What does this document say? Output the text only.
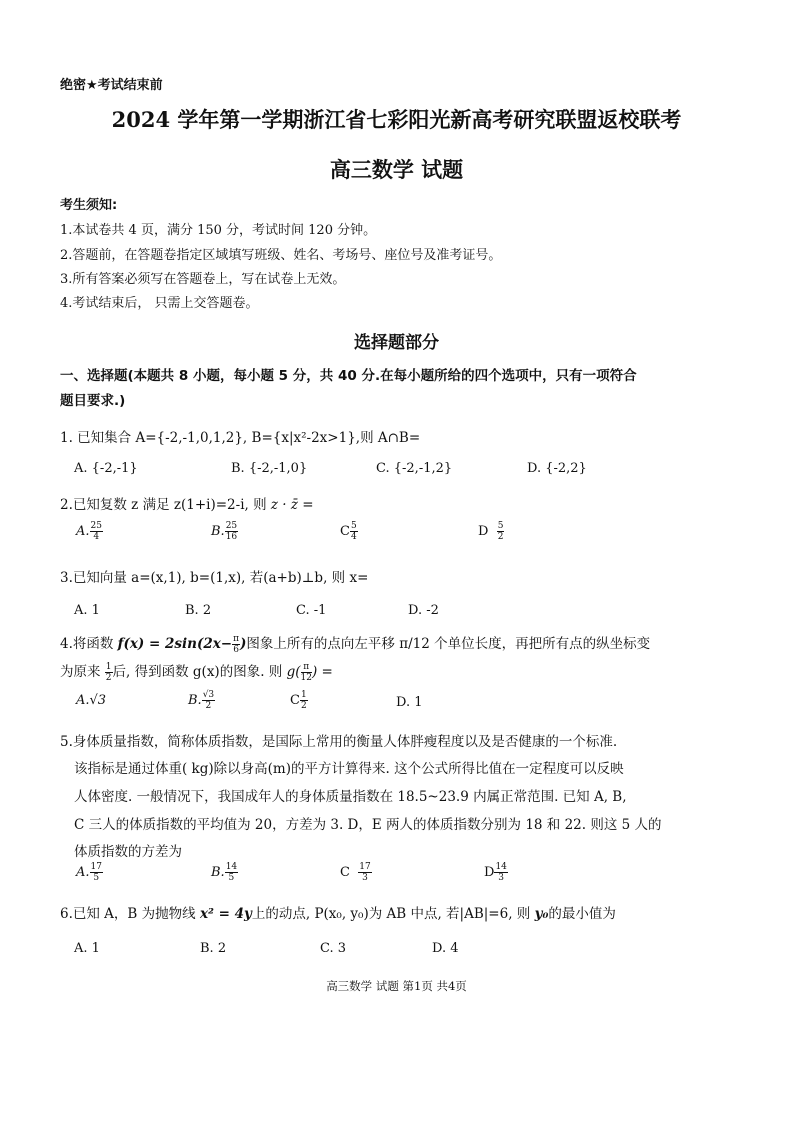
绝密★考试结束前
2024 学年第一学期浙江省七彩阳光新高考研究联盟返校联考
高三数学 试题
考生须知:
1.本试卷共 4 页，满分 150 分，考试时间 120 分钟。
2.答题前，在答题卷指定区域填写班级、姓名、考场号、座位号及准考证号。
3.所有答案必须写在答题卷上，写在试卷上无效。
4.考试结束后， 只需上交答题卷。
选择题部分
一、选择题(本题共 8 小题，每小题 5 分，共 40 分.在每小题所给的四个选项中，只有一项符合
题目要求.)
1. 已知集合 A={-2,-1,0,1,2}, B={x|x²-2x>1},则 A∩B=
A. {-2,-1}	B. {-2,-1,0}	C. {-2,-1,2}	D. {-2,2}
2.已知复数 z 满足 z(1+i)=2-i, 则 z · z̄ =
A. $\frac{25}{4}$	B. $\frac{25}{16}$	C $\frac{5}{4}$	D $\frac{5}{2}$
3.已知向量 a=(x,1), b=(1,x), 若(a+b)⊥b, 则 x=
A. 1	B. 2	C. -1	D. -2
4.将函数 $f(x) = 2\sin(2x- \frac{\pi}{6}$ )图象上所有的点向左平移 π/12 个单位长度，再把所有点的纵坐标变
为原来 $\frac{1}{2}$ 后, 得到函数 g(x)的图象. 则 $g( \frac{\pi}{12}$ ) =
A.√3	B. $\frac{√3}{2}$	C $\frac{1}{2}$	D. 1
5.身体质量指数，简称体质指数，是国际上常用的衡量人体胖瘦程度以及是否健康的一个标准.
该指标是通过体重( kg)除以身高(m)的平方计算得来. 这个公式所得比值在一定程度可以反映
人体密度. 一般情况下，我国成年人的身体质量指数在 18.5~23.9 内属正常范围. 已知 A, B,
C 三人的体质指数的平均值为 20，方差为 3. D，E 两人的体质指数分别为 18 和 22. 则这 5 人的
体质指数的方差为
A. $\frac{17}{5}$	B. $\frac{14}{5}$	C $\frac{17}{3}$	D $\frac{14}{3}$
6.已知 A，B 为抛物线 x² = 4y上的动点, P(x₀, y₀)为 AB 中点, 若|AB|=6, 则 y₀的最小值为
A. 1	B. 2	C. 3	D. 4
高三数学 试题 第1页 共4页
